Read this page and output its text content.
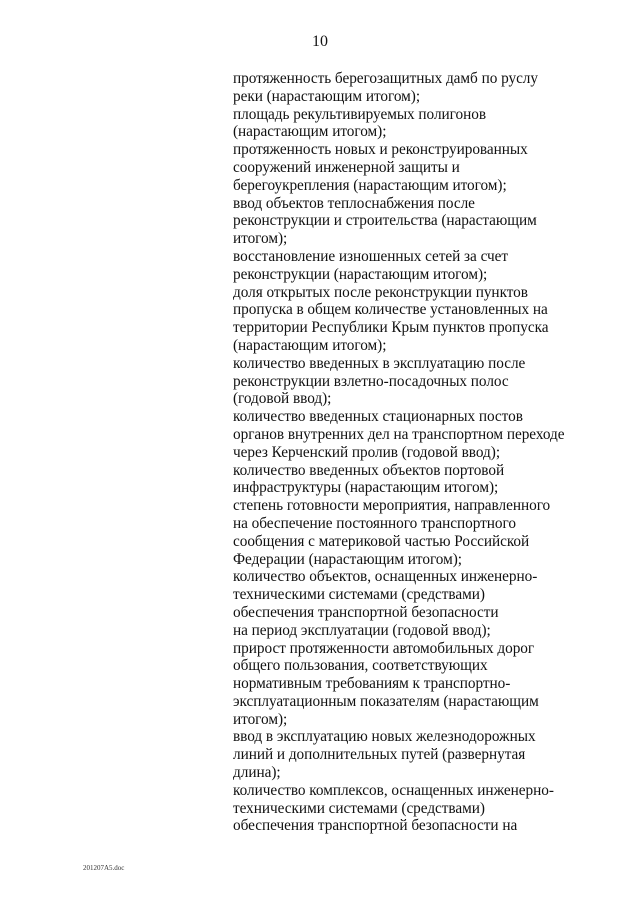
10
протяженность берегозащитных дамб по руслу
реки (нарастающим итогом);
площадь рекультивируемых полигонов
(нарастающим итогом);
протяженность новых и реконструированных
сооружений инженерной защиты и
берегоукрепления (нарастающим итогом);
ввод объектов теплоснабжения после
реконструкции и строительства (нарастающим
итогом);
восстановление изношенных сетей за счет
реконструкции (нарастающим итогом);
доля открытых после реконструкции пунктов
пропуска в общем количестве установленных на
территории Республики Крым пунктов пропуска
(нарастающим итогом);
количество введенных в эксплуатацию после
реконструкции взлетно-посадочных полос
(годовой ввод);
количество введенных стационарных постов
органов внутренних дел на транспортном переходе
через Керченский пролив (годовой ввод);
количество введенных объектов портовой
инфраструктуры (нарастающим итогом);
степень готовности мероприятия, направленного
на обеспечение постоянного транспортного
сообщения с материковой частью Российской
Федерации (нарастающим итогом);
количество объектов, оснащенных инженерно-
техническими системами (средствами)
обеспечения транспортной безопасности
на период эксплуатации (годовой ввод);
прирост протяженности автомобильных дорог
общего пользования, соответствующих
нормативным требованиям к транспортно-
эксплуатационным показателям (нарастающим
итогом);
ввод в эксплуатацию новых железнодорожных
линий и дополнительных путей (развернутая
длина);
количество комплексов, оснащенных инженерно-
техническими системами (средствами)
обеспечения транспортной безопасности на
201207A5.doc
